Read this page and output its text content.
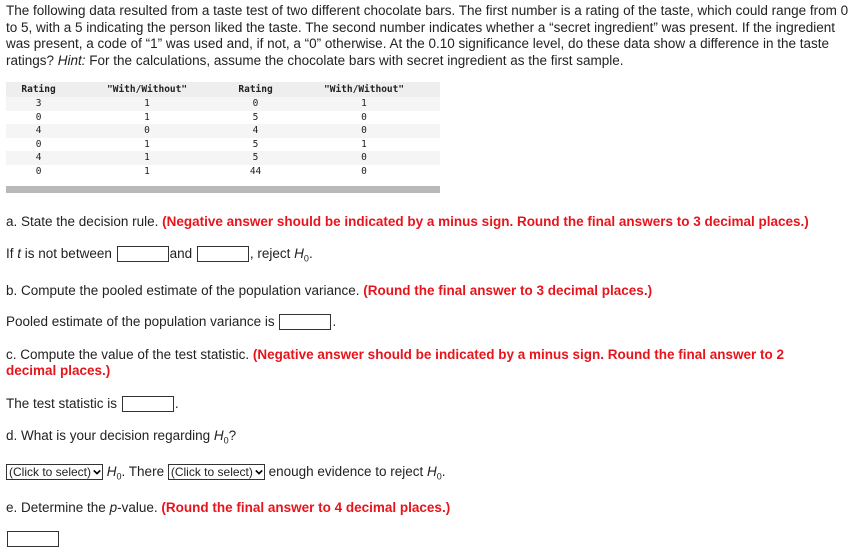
The following data resulted from a taste test of two different chocolate bars. The first number is a rating of the taste, which could range from 0 to 5, with a 5 indicating the person liked the taste. The second number indicates whether a “secret ingredient” was present. If the ingredient was present, a code of “1” was used and, if not, a “0” otherwise. At the 0.10 significance level, do these data show a difference in the taste ratings? Hint: For the calculations, assume the chocolate bars with secret ingredient as the first sample.
Rating	"With/Without"	Rating	"With/Without"
3	1	0	1
0	1	5	0
4	0	4	0
0	1	5	1
4	1	5	0
0	1	44	0
a. State the decision rule. (Negative answer should be indicated by a minus sign. Round the final answers to 3 decimal places.)
If t is not between	and	, reject $H_0$.
b. Compute the pooled estimate of the population variance. (Round the final answer to 3 decimal places.)
Pooled estimate of the population variance is	.
c. Compute the value of the test statistic. (Negative answer should be indicated by a minus sign. Round the final answer to 2 decimal places.)
The test statistic is	.
d. What is your decision regarding $H_0$?
(Click to select) $H_0$. There (Click to select) enough evidence to reject $H_0$.
e. Determine the p-value. (Round the final answer to 4 decimal places.)
